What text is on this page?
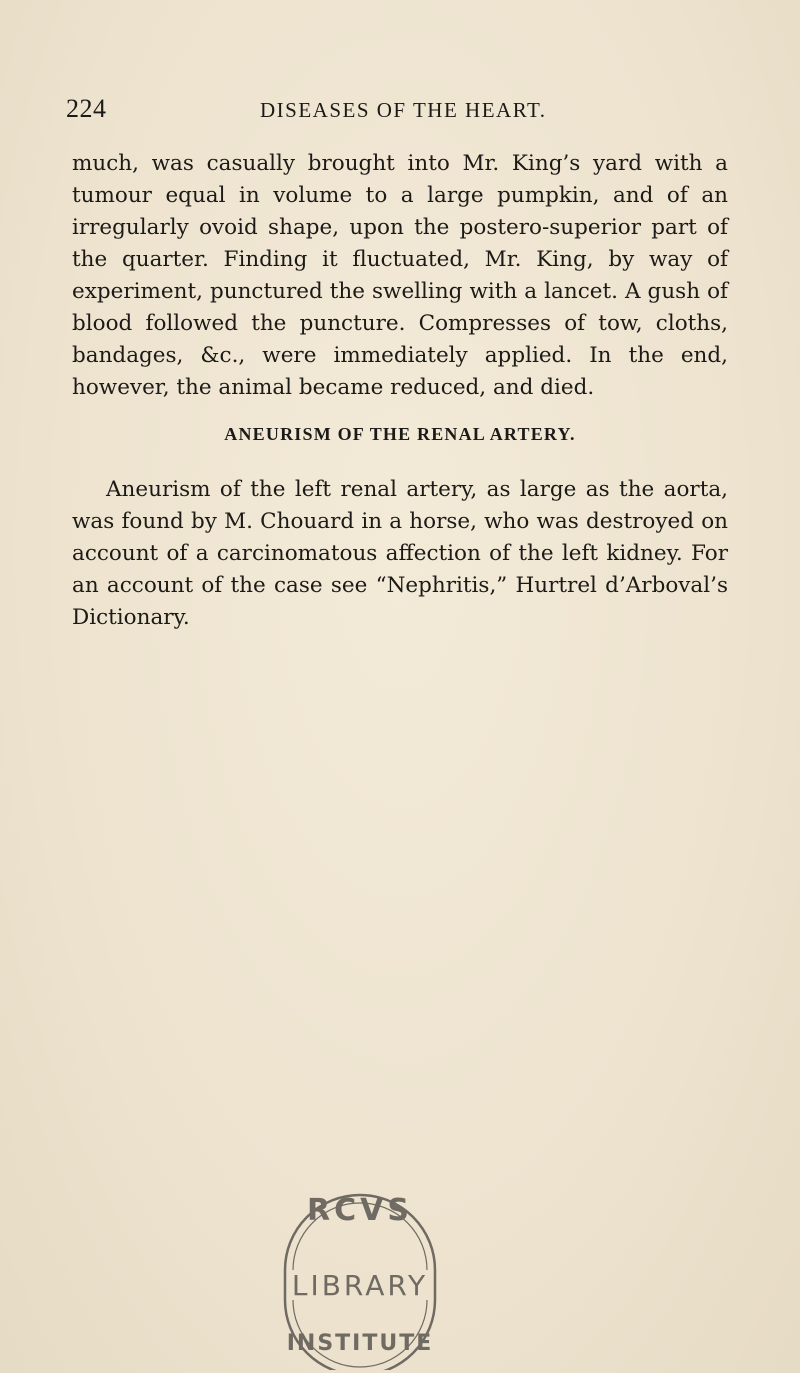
224	DISEASES OF THE HEART.

much, was casually brought into Mr. King’s yard with a tumour equal in volume to a large pumpkin, and of an irregularly ovoid shape, upon the postero-superior part of the quarter. Finding it fluctuated, Mr. King, by way of experiment, punctured the swelling with a lancet. A gush of blood followed the puncture. Compresses of tow, cloths, bandages, &c., were immediately applied. In the end, however, the animal became reduced, and died.

ANEURISM OF THE RENAL ARTERY.

Aneurism of the left renal artery, as large as the aorta, was found by M. Chouard in a horse, who was destroyed on account of a carcinomatous affection of the left kidney. For an account of the case see “Nephritis,” Hurtrel d’Arboval’s Dictionary.

RCVS
LIBRARY
INSTITUTE
